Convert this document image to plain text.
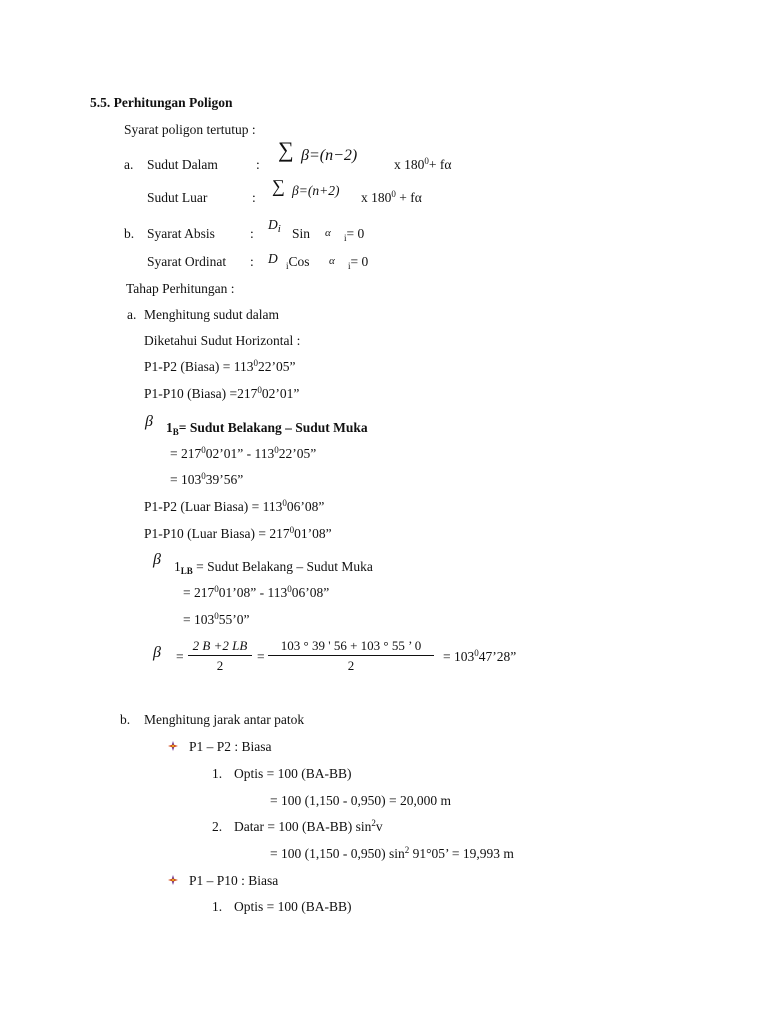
5.5. Perhitungan Poligon
Syarat poligon tertutup :
a. Sudut Dalam	:
∑ β=(n−2)
x $180^0+ f\alpha$
Sudut Luar	:
∑ β=(n+2) x $180^0 + f\alpha$
b. Syarat Absis	:
$D_i$ Sin α $_i$= 0
Syarat Ordinat : D $_i$Cos α $_i$= 0
Tahap Perhitungan :
a. Menghitung sudut dalam
Diketahui Sudut Horizontal :
P1-P2 (Biasa) = $113^022’05$”
P1-P10 (Biasa) $=217^002’01$”
β $1_B=$ Sudut Belakang – Sudut Muka
= $217^002’01$” - $113^022’05$”
= $103^039’56$”
P1-P2 (Luar Biasa) = $113^006’08$”
P1-P10 (Luar Biasa) = $217^001’08$”
β $1_{LB}$ = Sudut Belakang – Sudut Muka
= $217^001’08$” - $113^006’08$”
= $103^055’0$”
$\beta = \frac{2 B +2 LB}{2} = \frac{103 ^\circ 39 ' 56 + 103 ^\circ 55 ’ 0}{2}$ = $103^047’28$”
b. Menghitung jarak antar patok
P1 – P2 : Biasa
1. Optis = 100 (BA-BB)
= 100 (1,150 - 0,950) = 20,000 m
2. Datar = 100 (BA-BB) $\sin^2v$
= 100 (1,150 - 0,950) $\sin^2 91^\circ 05$’ = 19,993 m
P1 – P10 : Biasa
1. Optis = 100 (BA-BB)
